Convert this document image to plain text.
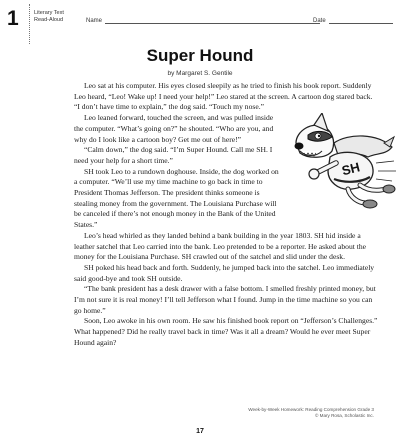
1	Literary Text
Read-Aloud	Name	Date
Super Hound
by Margaret S. Gentile

Leo sat at his computer. His eyes closed sleepily as he tried to finish his book report. Suddenly Leo heard, “Leo! Wake up! I need your help!” Leo stared at the screen. A cartoon dog stared back. “I don’t have time to explain,” the dog said. “Touch my nose.”

SH

Leo leaned forward, touched the screen, and was pulled inside the computer. “What’s going on?” he shouted. “Who are you, and why do I look like a cartoon boy? Get me out of here!”

“Calm down,” the dog said. “I’m Super Hound. Call me SH. I need your help for a short time.”

SH took Leo to a rundown doghouse. Inside, the dog worked on a computer. “We’ll use my time machine to go back in time to President Thomas Jefferson. The president thinks someone is stealing money from the government. The Louisiana Purchase will be canceled if there’s not enough money in the Bank of the United States.”

Leo’s head whirled as they landed behind a bank building in the year 1803. SH hid inside a leather satchel that Leo carried into the bank. Leo pretended to be a reporter. He asked about the money for the Louisiana Purchase. SH crawled out of the satchel and slid under the desk.

SH poked his head back and forth. Suddenly, he jumped back into the satchel. Leo immediately said good-bye and took SH outside.

“The bank president has a desk drawer with a false bottom. I smelled freshly printed money, but I’m not sure it is real money! I’ll tell Jefferson what I found. Jump in the time machine so you can go home.”

Soon, Leo awoke in his own room. He saw his finished book report on “Jefferson’s Challenges.” What happened? Did he really travel back in time? Was it all a dream? Would he ever meet Super Hound again?

Week-by-Week Homework: Reading Comprehension Grade 3
© Mary Rosa, Scholastic Inc.
17
